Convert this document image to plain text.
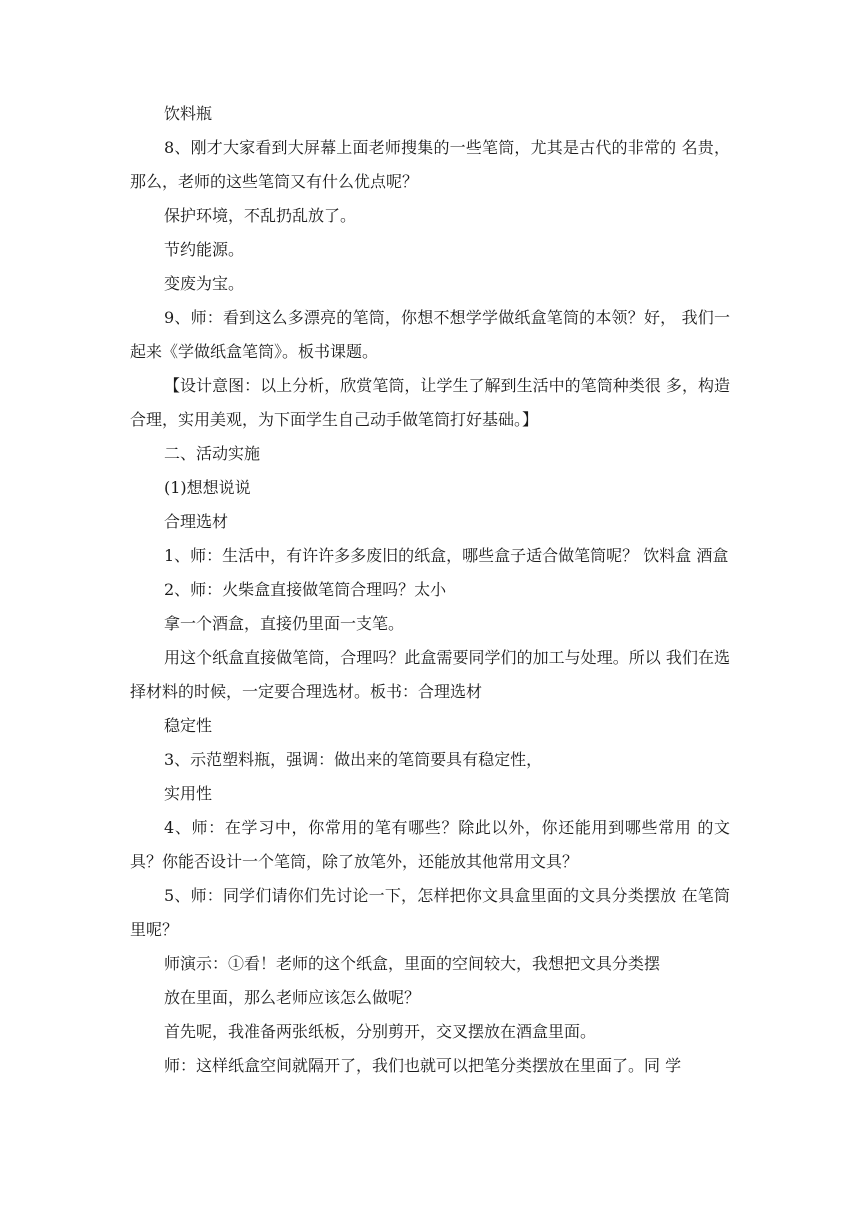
饮料瓶

8、刚才大家看到大屏幕上面老师搜集的一些笔筒，尤其是古代的非常的 名贵，那么，老师的这些笔筒又有什么优点呢？

保护环境，不乱扔乱放了。

节约能源。

变废为宝。

9、师：看到这么多漂亮的笔筒，你想不想学学做纸盒笔筒的本领？好， 我们一起来《学做纸盒笔筒》。板书课题。

【设计意图：以上分析，欣赏笔筒，让学生了解到生活中的笔筒种类很 多，构造合理，实用美观，为下面学生自己动手做笔筒打好基础。】

二、活动实施

(1)想想说说

合理选材

1、师：生活中，有许许多多废旧的纸盒，哪些盒子适合做笔筒呢？ 饮料盒 酒盒

2、师：火柴盒直接做笔筒合理吗？太小

拿一个酒盒，直接仍里面一支笔。

用这个纸盒直接做笔筒，合理吗？此盒需要同学们的加工与处理。所以 我们在选择材料的时候，一定要合理选材。板书：合理选材

稳定性

3、示范塑料瓶，强调：做出来的笔筒要具有稳定性，

实用性

4、师：在学习中，你常用的笔有哪些？除此以外，你还能用到哪些常用 的文具？你能否设计一个笔筒，除了放笔外，还能放其他常用文具？

5、师：同学们请你们先讨论一下，怎样把你文具盒里面的文具分类摆放 在笔筒里呢？

师演示：①看！老师的这个纸盒，里面的空间较大，我想把文具分类摆

放在里面，那么老师应该怎么做呢？

首先呢，我准备两张纸板，分别剪开，交叉摆放在酒盒里面。

师：这样纸盒空间就隔开了，我们也就可以把笔分类摆放在里面了。同 学
